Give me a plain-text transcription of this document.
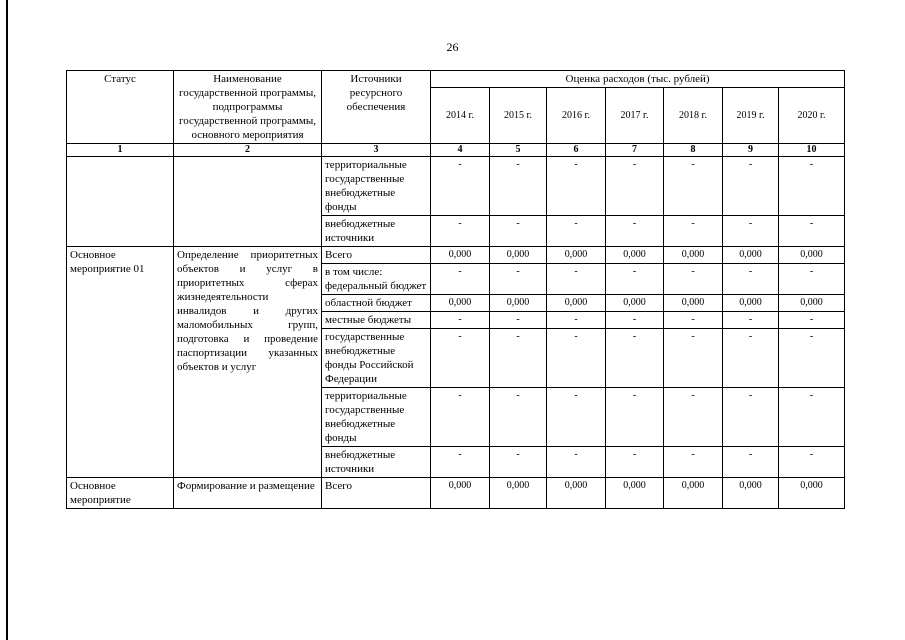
26
Статус	Наименование государственной программы, подпрограммы государственной программы, основного мероприятия	Источники ресурсного обеспечения	Оценка расходов (тыс. рублей)						
			2014 г.	2015 г.	2016 г.	2017 г.	2018 г.	2019 г.	2020 г.
1	2	3	4	5	6	7	8	9	10
		территориальные государственные внебюджетные фонды	-	-	-	-	-	-	-
		внебюджетные источники	-	-	-	-	-	-	-
Основное мероприятие 01	Определение приоритетных объектов и услуг в приоритетных сферах жизнедеятельности инвалидов и других маломобильных групп, подготовка и проведение паспортизации указанных объектов и услуг	Всего	0,000	0,000	0,000	0,000	0,000	0,000	0,000
		в том числе: федеральный бюджет	-	-	-	-	-	-	-
		областной бюджет	0,000	0,000	0,000	0,000	0,000	0,000	0,000
		местные бюджеты	-	-	-	-	-	-	-
		государственные внебюджетные фонды Российской Федерации	-	-	-	-	-	-	-
		территориальные государственные внебюджетные фонды	-	-	-	-	-	-	-
		внебюджетные источники	-	-	-	-	-	-	-
Основное мероприятие	Формирование и размещение	Всего	0,000	0,000	0,000	0,000	0,000	0,000	0,000
